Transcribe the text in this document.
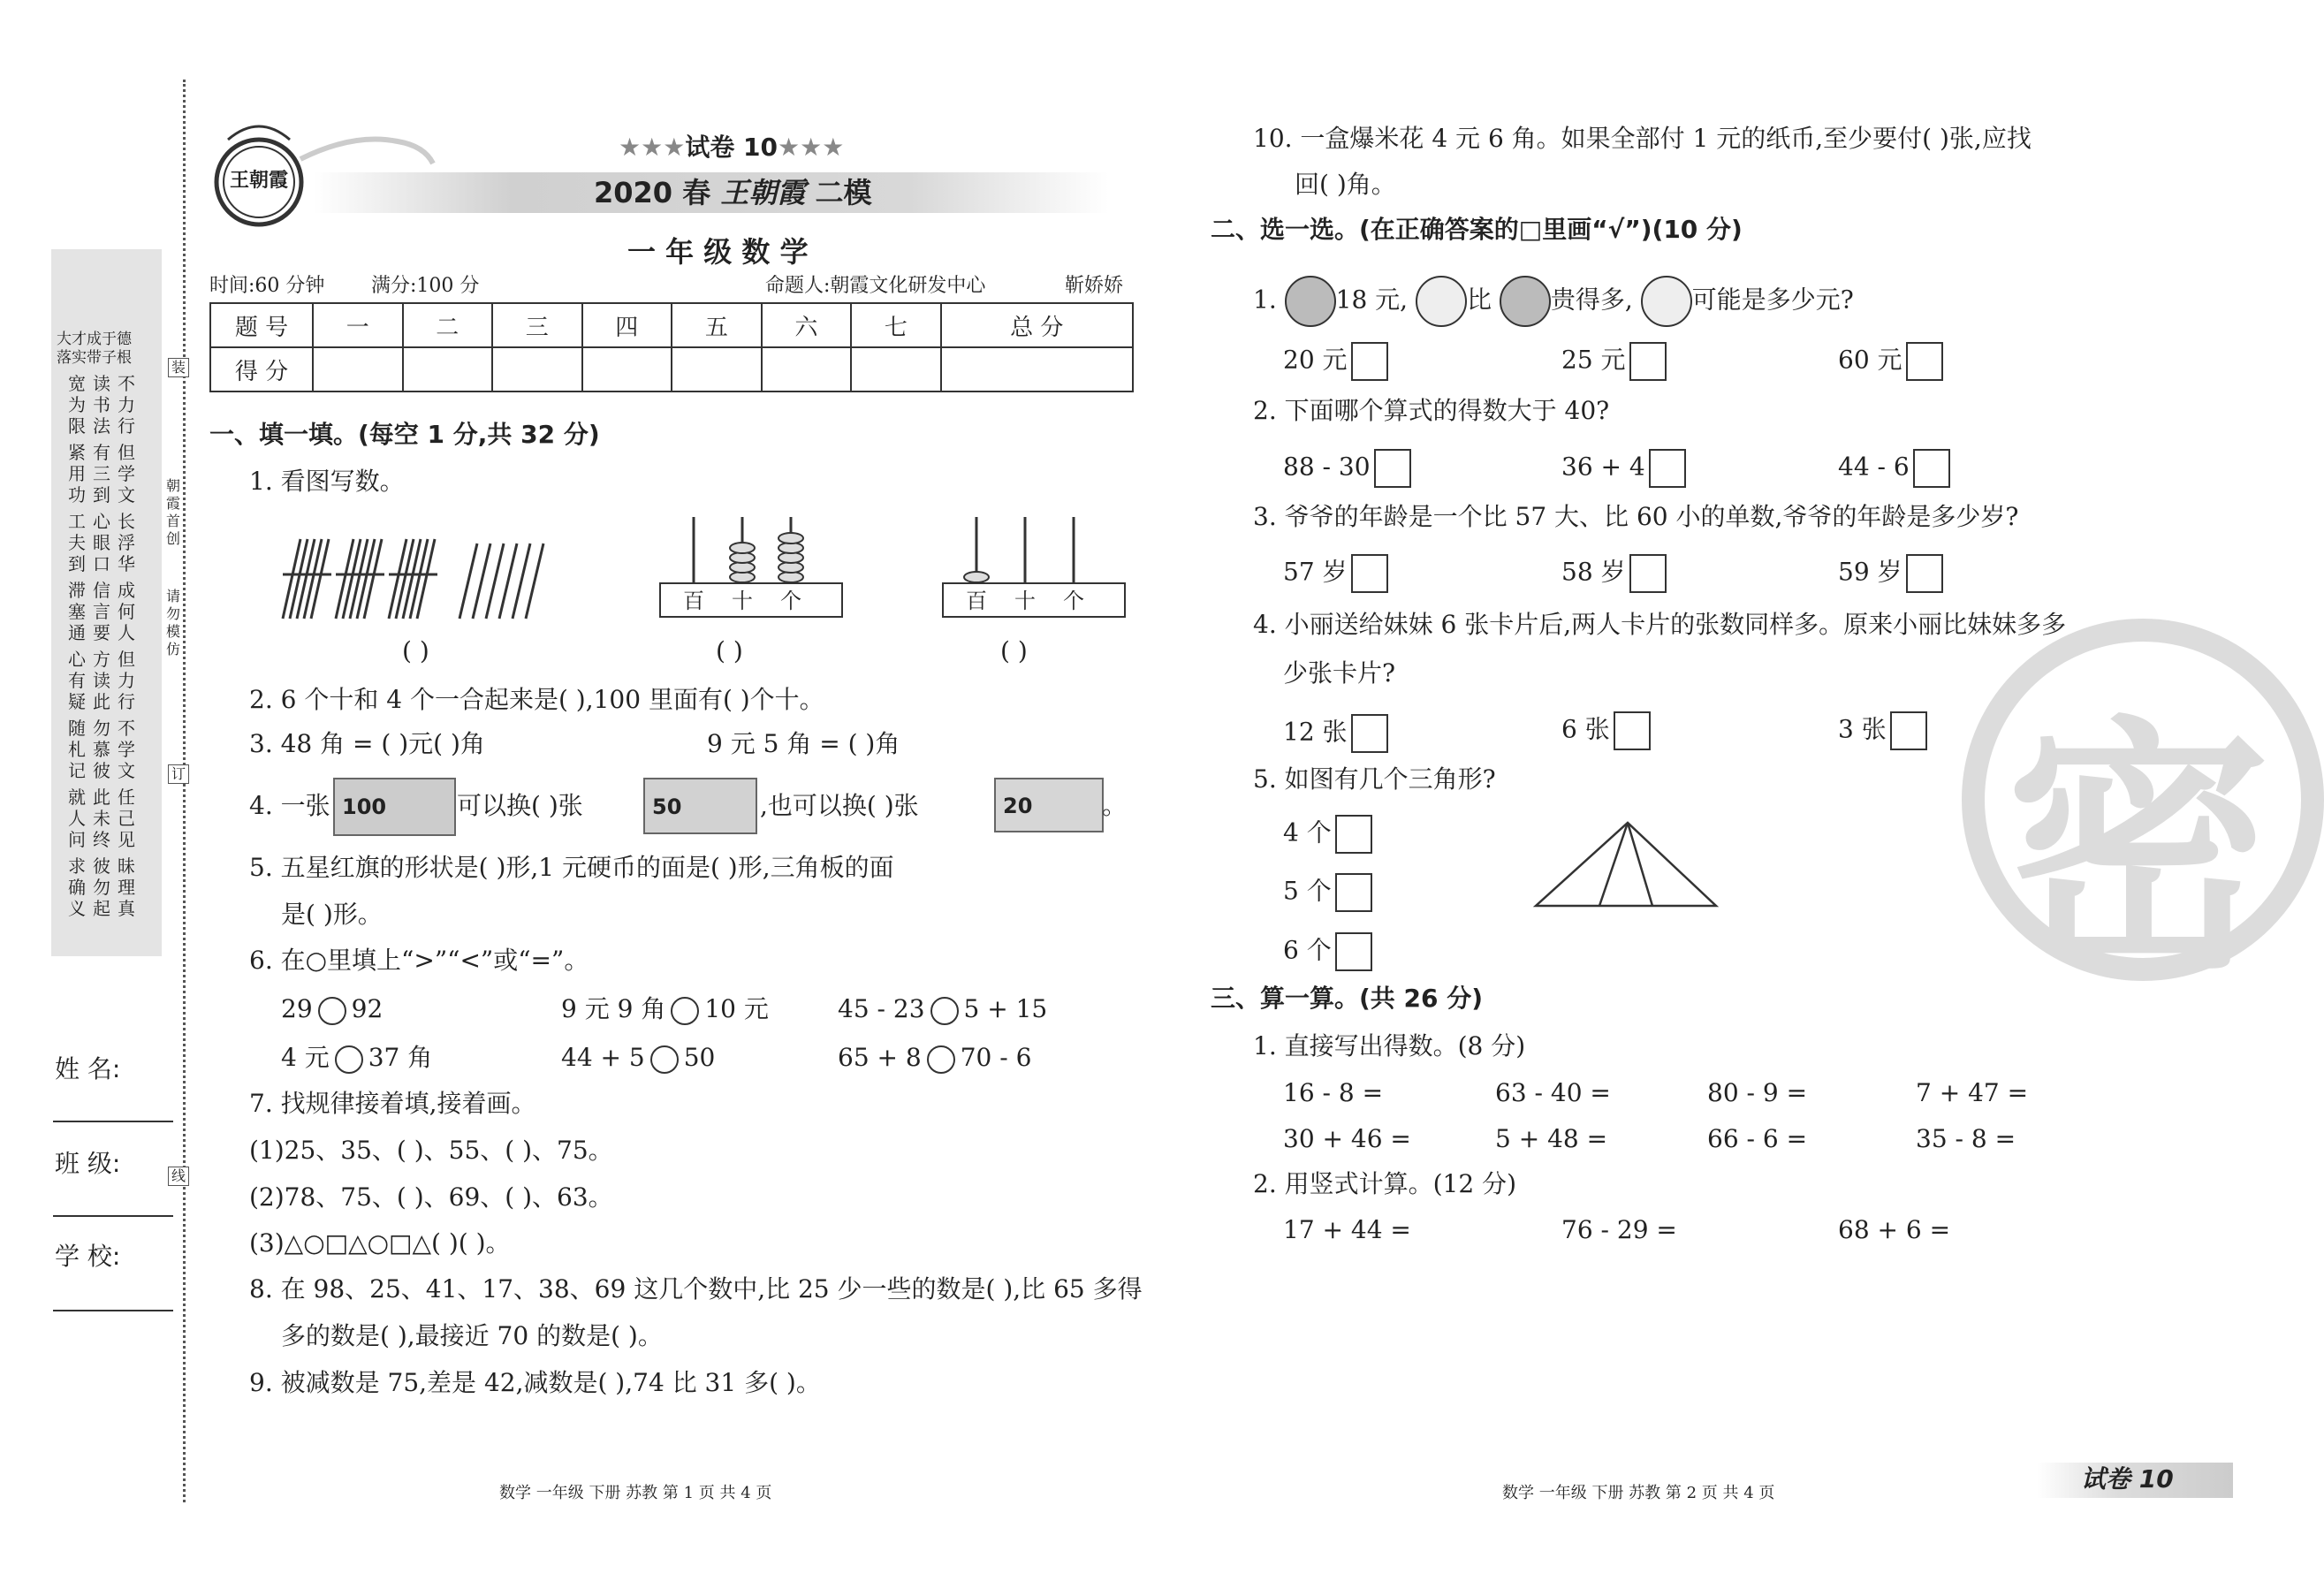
大才成于德
落实带子根
宽为限
读书法
不力行
紧用功
有三到
但学文
工夫到
心眼口
长浮华
滞塞通
信言要
成何人
心有疑
方读此
但力行
随札记
勿慕彼
不学文
就人问
此未终
任己见
求确义
彼勿起
昧理真
朝霞首创
请勿模仿
装
订
线
姓 名:
班 级:
学 校:
王朝霞
★★★试卷 10★★★
2020 春 王朝霞 二模
一 年 级 数 学
时间:60 分钟 满分:100 分	命题人:朝霞文化研发中心	靳娇娇
题 号	一	二	三	四	五	六	七	总 分
得 分								
一、填一填。(每空 1 分,共 32 分)
1. 看图写数。
百 十 个	百 十 个
( )	( )	( )
2. 6 个十和 4 个一合起来是( ),100 里面有( )个十。
3. 48 角 = ( )元( )角	9 元 5 角 = ( )角
4. 一张 100	可以换( )张	50	,也可以换( )张	20	。
5. 五星红旗的形状是( )形,1 元硬币的面是( )形,三角板的面
是( )形。
6. 在○里填上“>”“<”或“=”。
29 92	9 元 9 角 10 元	45 - 23 5 + 15
4 元 37 角	44 + 5 50	65 + 8 70 - 6
7. 找规律接着填,接着画。
(1)25、35、( )、55、( )、75。
(2)78、75、( )、69、( )、63。
(3)△○□△○□△( )( )。
8. 在 98、25、41、17、38、69 这几个数中,比 25 少一些的数是( ),比 65 多得
多的数是( ),最接近 70 的数是( )。
9. 被减数是 75,差是 42,减数是( ),74 比 31 多( )。
数学 一年级 下册 苏教 第 1 页 共 4 页
密
10. 一盒爆米花 4 元 6 角。如果全部付 1 元的纸币,至少要付( )张,应找
回( )角。
二、选一选。(在正确答案的□里画“√”)(10 分)
1. 18 元, 比 贵得多, 可能是多少元?
20 元	25 元	60 元
2. 下面哪个算式的得数大于 40?
88 - 30	36 + 4	44 - 6
3. 爷爷的年龄是一个比 57 大、比 60 小的单数,爷爷的年龄是多少岁?
57 岁	58 岁	59 岁
4. 小丽送给妹妹 6 张卡片后,两人卡片的张数同样多。原来小丽比妹妹多多
少张卡片?
12 张	6 张	3 张
5. 如图有几个三角形?
4 个
5 个
6 个
三、算一算。(共 26 分)
1. 直接写出得数。(8 分)
16 - 8 =	63 - 40 =	80 - 9 =	7 + 47 =
30 + 46 =	5 + 48 =	66 - 6 =	35 - 8 =
2. 用竖式计算。(12 分)
17 + 44 =	76 - 29 =	68 + 6 =
数学 一年级 下册 苏教 第 2 页 共 4 页	试卷 10
